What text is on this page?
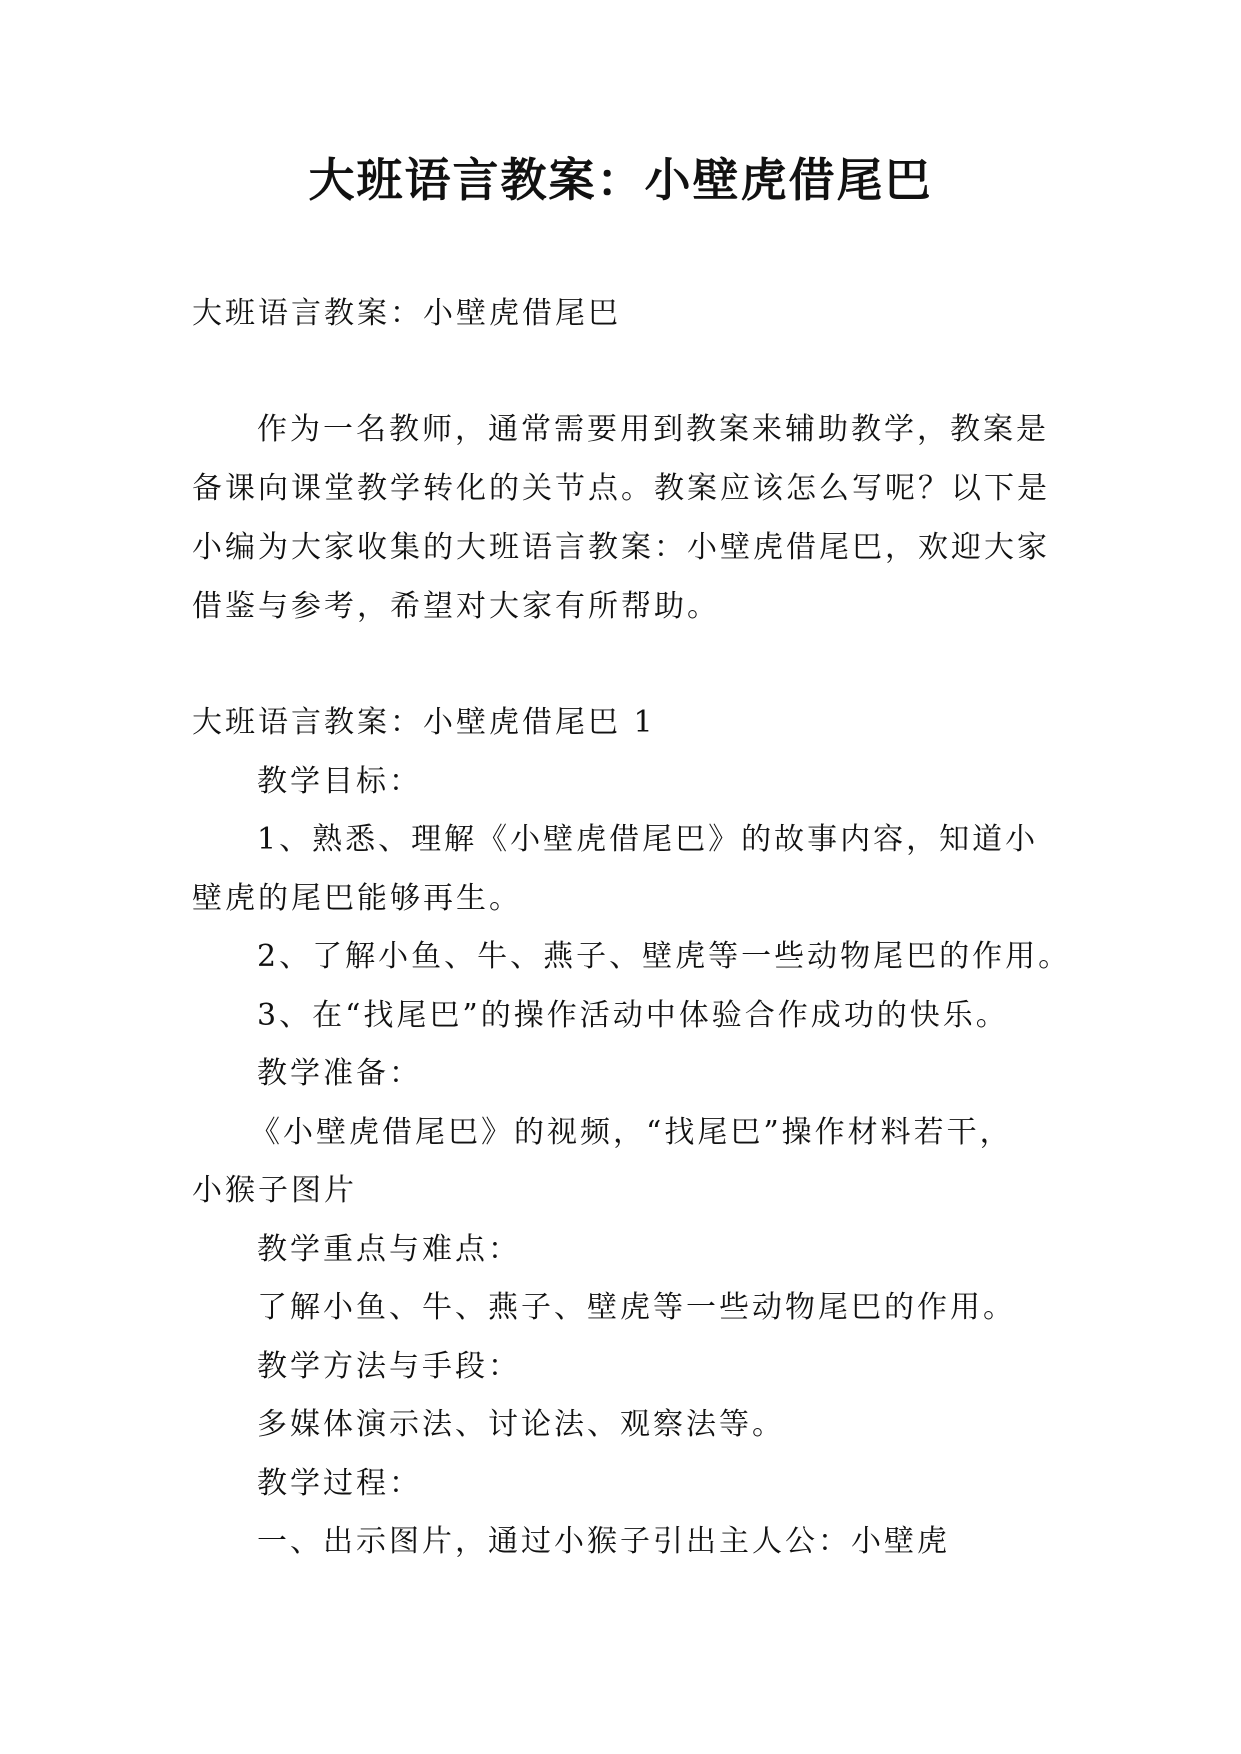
大班语言教案：小壁虎借尾巴

大班语言教案：小壁虎借尾巴

作为一名教师，通常需要用到教案来辅助教学，教案是

备课向课堂教学转化的关节点。教案应该怎么写呢？以下是

小编为大家收集的大班语言教案：小壁虎借尾巴，欢迎大家

借鉴与参考，希望对大家有所帮助。

大班语言教案：小壁虎借尾巴 1

教学目标：

1、熟悉、理解《小壁虎借尾巴》的故事内容，知道小

壁虎的尾巴能够再生。

2、了解小鱼、牛、燕子、壁虎等一些动物尾巴的作用。

3、在“找尾巴”的操作活动中体验合作成功的快乐。

教学准备：

《小壁虎借尾巴》的视频，“找尾巴”操作材料若干，

小猴子图片

教学重点与难点：

了解小鱼、牛、燕子、壁虎等一些动物尾巴的作用。

教学方法与手段：

多媒体演示法、讨论法、观察法等。

教学过程：

一、出示图片，通过小猴子引出主人公：小壁虎
